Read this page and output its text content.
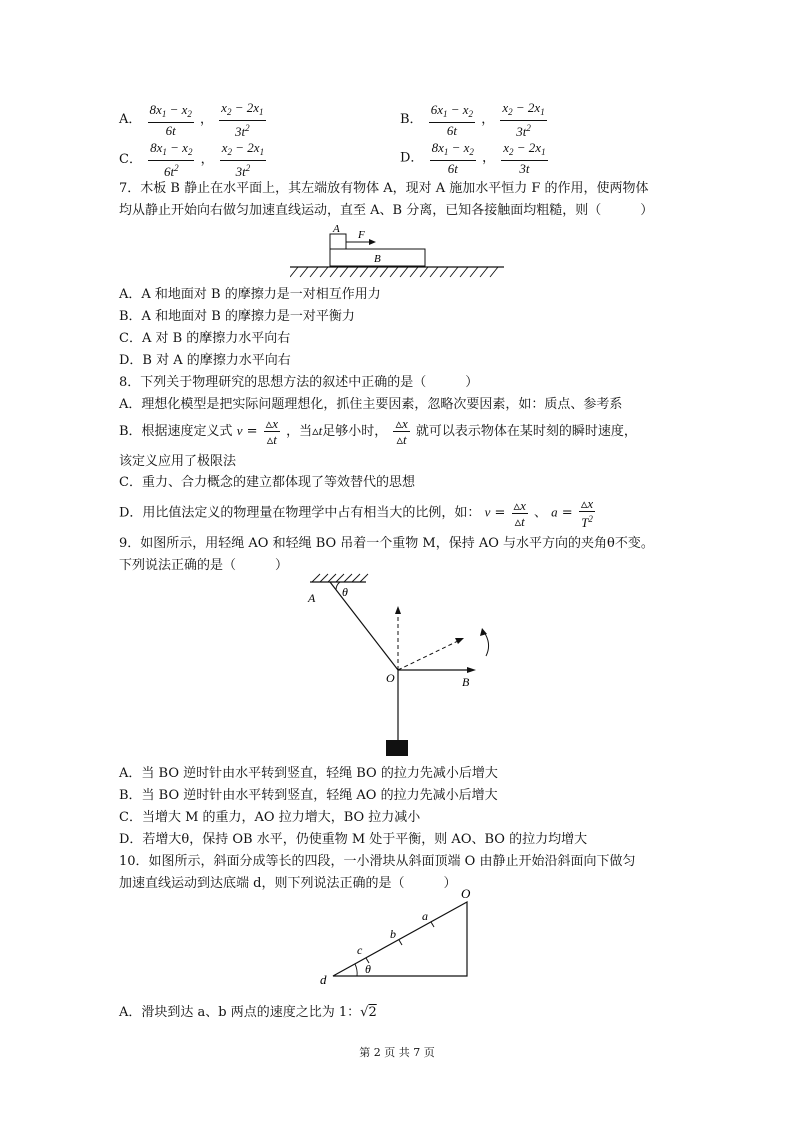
A． $\frac{8x_1 - x_2}{6t}$ ， $\frac{x_2 - 2x_1}{3t^2}$	B． $\frac{6x_1 - x_2}{6t}$ ， $\frac{x_2 - 2x_1}{3t^2}$
C． $\frac{8x_1 - x_2}{6t^2}$ ， $\frac{x_2 - 2x_1}{3t^2}$	D． $\frac{8x_1 - x_2}{6t}$ ， $\frac{x_2 - 2x_1}{3t}$
7．木板 B 静止在水平面上，其左端放有物体 A，现对 A 施加水平恒力 F 的作用，使两物体
均从静止开始向右做匀加速直线运动，直至 A、B 分离，已知各接触面均粗糙，则（　　　）
A F
B
A．A 和地面对 B 的摩擦力是一对相互作用力
B．A 和地面对 B 的摩擦力是一对平衡力
C．A 对 B 的摩擦力水平向右
D．B 对 A 的摩擦力水平向右
8．下列关于物理研究的思想方法的叙述中正确的是（　　　）
A．理想化模型是把实际问题理想化，抓住主要因素，忽略次要因素，如：质点、参考系
B．根据速度定义式 $v = \frac{▵x}{▵t}$ ，当▵t足够小时， $\frac{▵x}{▵t}$ 就可以表示物体在某时刻的瞬时速度，
该定义应用了极限法
C．重力、合力概念的建立都体现了等效替代的思想
D．用比值法定义的物理量在物理学中占有相当大的比例，如： $v = \frac{▵x}{▵t}$ 、 $a = \frac{▵x}{T^2}$
9．如图所示，用轻绳 AO 和轻绳 BO 吊着一个重物 M，保持 AO 与水平方向的夹角θ不变。
下列说法正确的是（　　　）
A θ
B
O
A．当 BO 逆时针由水平转到竖直，轻绳 BO 的拉力先减小后增大
B．当 BO 逆时针由水平转到竖直，轻绳 AO 的拉力先减小后增大
C．当增大 M 的重力，AO 拉力增大，BO 拉力减小
D．若增大θ，保持 OB 水平，仍使重物 M 处于平衡，则 AO、BO 的拉力均增大
10．如图所示，斜面分成等长的四段，一小滑块从斜面顶端 O 由静止开始沿斜面向下做匀
加速直线运动到达底端 d，则下列说法正确的是（　　　）
O
a
b
c
d
θ
A．滑块到达 a、b 两点的速度之比为 1：√2
第 2 页 共 7 页
